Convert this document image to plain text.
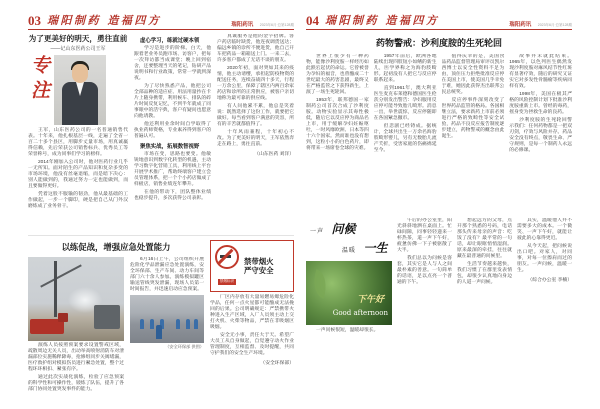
03 瑞阳制药 造福四方	瑞阳药讯 2023年6月·总第128期
为了更美好的明天，勇往直前
——记山东医药公司王军
专注

王军，山东医药公司的一名普通销售代表。十年来，他扎根基层一线，走遍了全省一百二十多个县区，用脚步丈量市场，用真诚赢得信赖，先后荣获公司销售标兵、优秀员工等荣誉称号，成为同事们学习的榜样。

2014年刚加入公司时，他对医药行业几乎一无所知。面对陌生的产品知识和复杂多变的市场环境，他没有丝毫退缩，而是暗下决心：别人能做到的，我通过努力一定也能做到，而且要做得更好。

凭着这股不服输的韧劲，他从最基础的工作做起，一步一个脚印，硬是把自己从门外汉磨炼成了业务骨干。

虚心学习，练就过硬本领

学习是进步的阶梯。白天，他跟着老业务员跑市场、访客户，把每一次拜访都当成课堂；晚上回到宿舍，还要整理当天的笔记，钻研产品说明书和行业政策，常常一学就到深夜。

为了尽快熟悉产品，他把公司全部品种的适应症、用法用量抄在卡片上随身携带，利用候车、排队的碎片时间反复记忆，不到半年就成了同事眼中的活字典，客户有疑问也愿意向他请教。

他还利用业余时间自学取得了执业药师资格，专业素养得到客户的普遍认可。

聚焦实战，拓展数智视野

市场在变，思路也要变。他敏锐地意识到数字化转型的机遇，主动学习数字化营销工具，利用线上平台开展学术推广，帮助终端客户建立会员管理体系，把一个个小药店做成了样板店，销售业绩连年攀升。

在他的带动下，团队整体业绩也稳步提升，多次获得公司表彰。

真诚服务是他的金字招牌。客户药店临时缺货，他连夜调货送达；偏远乡镇的诊所不便进货，他自己开车把药品一箱箱送上门。一来二去，许多客户都成了无话不谈的朋友。

2020年初，面对突如其来的疫情，他主动请缨，承担起防疫物资的配送任务，连续奋战四十多天，行程一万余公里，保障了辖区内两百余家药店和诊所的正常供应，被客户亲切地称为最可靠的供应线。

有人问他累不累，他总是笑着说：既然选择了这份工作，就要把它做好。每当看到客户满意的笑容，所有的辛苦就都值得了。

十年风雨兼程，十年初心不改。为了更美好的明天，王军依然奔走在路上，勇往直前。

（山东医药 刘洋）
以练促战，增强应急处置能力

演练人员按照预案要求设置警戒区域，疏散周边无关人员，出动举高喷射消防车对泄漏部位实施稀释降毒，抢修组同步关阀堵漏，医疗救护组对模拟伤员进行紧急处置，整个过程环环相扣、紧张有序。

通过此次实战化演练，检验了应急预案的科学性和可操作性，锻炼了队伍，提升了各部门协同处置突发事件的能力。

6月16日上午，公司组织开展危险化学品泄漏应急处置演练，安全环保部、生产车间、动力车间等部门六十余人参加。演练模拟罐区输送管线突发泄漏，现场人员第一时间报告，并迅速启动应急预案。

（安全环保部 供图）
禁烟标识
禁带烟火
严守安全

厂区内存放有大量易燃易爆危险化学品，任何一点火星都可能酿成无法挽回的后果。公司明确规定：严禁携带火种进入生产区域，入厂人员须主动上交打火机、火柴等物品，严禁在非吸烟区吸烟。

安全无小事，责任大于天。希望广大员工从自身做起，自觉遵守动火作业管理制度，互相监督、及时提醒，共同守护我们的安全生产环境。

（安全环保部）
04 瑞阳制药 造福四方	瑞阳药讯 2023年6月·总第128期
药物警戒：沙利度胺的生死轮回

世界上很少有一种药物，能像沙利度胺一样经历如此跌宕起伏的命运。它曾被誉为孕妇的福音，也曾酿成二十世纪最大的药害悲剧，最终又在严格监管之下获得新生，上演了一场生死轮回。

1953年，联邦德国一家制药公司首次合成了沙利度胺。动物实验显示其毒性极低，随后它以反应停为商品名上市，用于缓解孕妇妊娠呕吐，一时风靡欧洲、日本等四十六个国家。然而谁也没有想到，这粒小小的白色药片，即将带来一场席卷全球的灾难。

1957年前后，欧洲各地陆续出现四肢短小如鳍的新生儿，医学界称之为海豹肢畸形。起初没有人把它与反应停联系起来。

直到1961年，澳大利亚医生麦克布莱德和德国医生伦茨分别发出警告：孕妇服用反应停可能导致胎儿畸形。消息一出，举世震惊，反应停随即在各国紧急撤市。

但悲剧已经铸成。据统计，全球共出生一万余名海豹肢畸形婴儿，另有无数胎儿流产夭折，受害家庭的伤痛绵延至今。

值得庆幸的是，美国食品药品监督管理局审评员凯尔西博士以安全性资料不足为由，顶住压力拒绝批准反应停在美国上市，使美国几乎幸免于难，她因此获得杰出联邦公民总统奖。

反应停事件深刻改变了世界药品监管的格局。各国相继立法，要求新药上市前必须进行严格的致畸性等安全试验，药品不良反应报告制度逐步建立，药物警戒的概念由此诞生。

故事并未就此结束。1965年，以色列医生偶然发现沙利度胺对麻风结节性红斑有显著疗效，随后的研究又证实它对多发性骨髓瘤等疾病同样有效。

1998年，美国在极其严格的风险控制计划下批准沙利度胺重新上市。曾经的毒药，摇身变为拯救生命的良药。

沙利度胺的生死轮回警示我们：任何药物都是一把双刃剑，疗效与风险并存。药品安全没有终点，敬畏生命、严守规则，是每一个制药人永远的必修课。

一声 问候
温暖 一生
下午好
Good afternoon

一声问候很短，温暖却很长。

午后的办公室里，阳光斜斜地洒在桌面上。忙碌间隙，同事轻轻递来一杯热茶，道一声下午好，疲惫仿佛一下子被驱散了大半。

我们总以为问候是客套，其实它是人与人之间最朴素的善意。一句简单的话语，足以点亮一个普通的下午。

想起远方的父母，点开那个熟悉的号码，电话那头传来母亲的声音：吃饭了没有？最平常的一句话，却让眼眶悄悄湿润。原来最深的牵挂，往往就藏在最普通的问候里。

生活节奏越来越快，我们习惯了在群里发表情包，却很少认真地向身边的人道一声问候。

其实，温暖他人并不需要多大的成本。一个微笑、一声下午好，就能让彼此的心靠得更近。

从今天起，把问候说出口吧。对家人，对同事，对每一位擦肩而过的朋友。一声问候，温暖一生。

（综合办公室 李楠）
